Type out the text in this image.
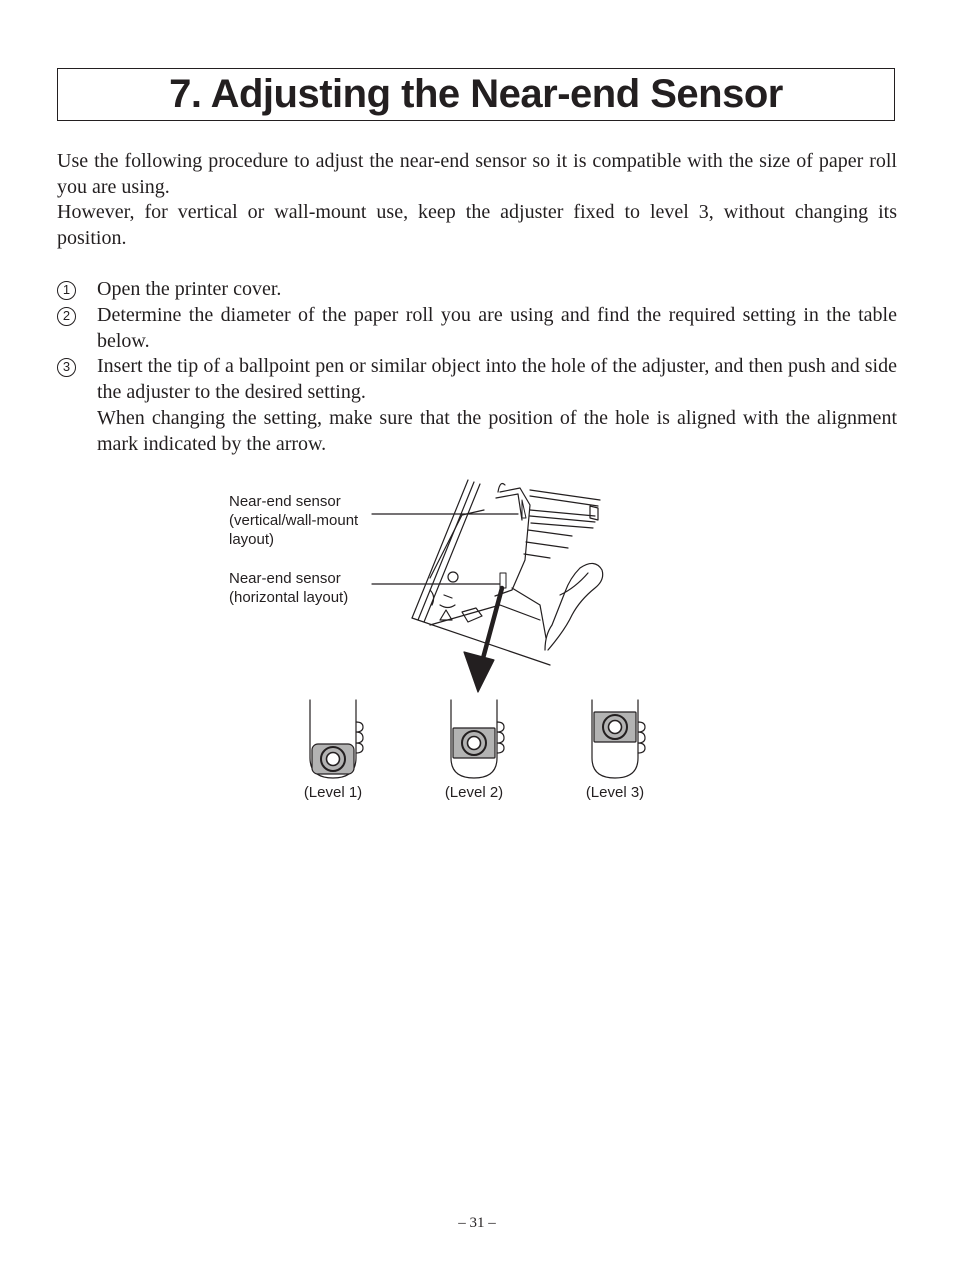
7. Adjusting the Near-end Sensor

Use the following procedure to adjust the near-end sensor so it is compatible with the size of paper roll you are using.

However, for vertical or wall-mount use, keep the adjuster fixed to level 3, without changing its position.

1 Open the printer cover.

2 Determine the diameter of the paper roll you are using and find the required setting in the table below.

3 Insert the tip of a ballpoint pen or similar object into the hole of the adjuster, and then push and side the adjuster to the desired setting.

When changing the setting, make sure that the position of the hole is aligned with the alignment mark indicated by the arrow.

Near-end sensor
(vertical/wall-mount
layout)
Near-end sensor
(horizontal layout)
(Level 1)	(Level 2)	(Level 3)
– 31 –
